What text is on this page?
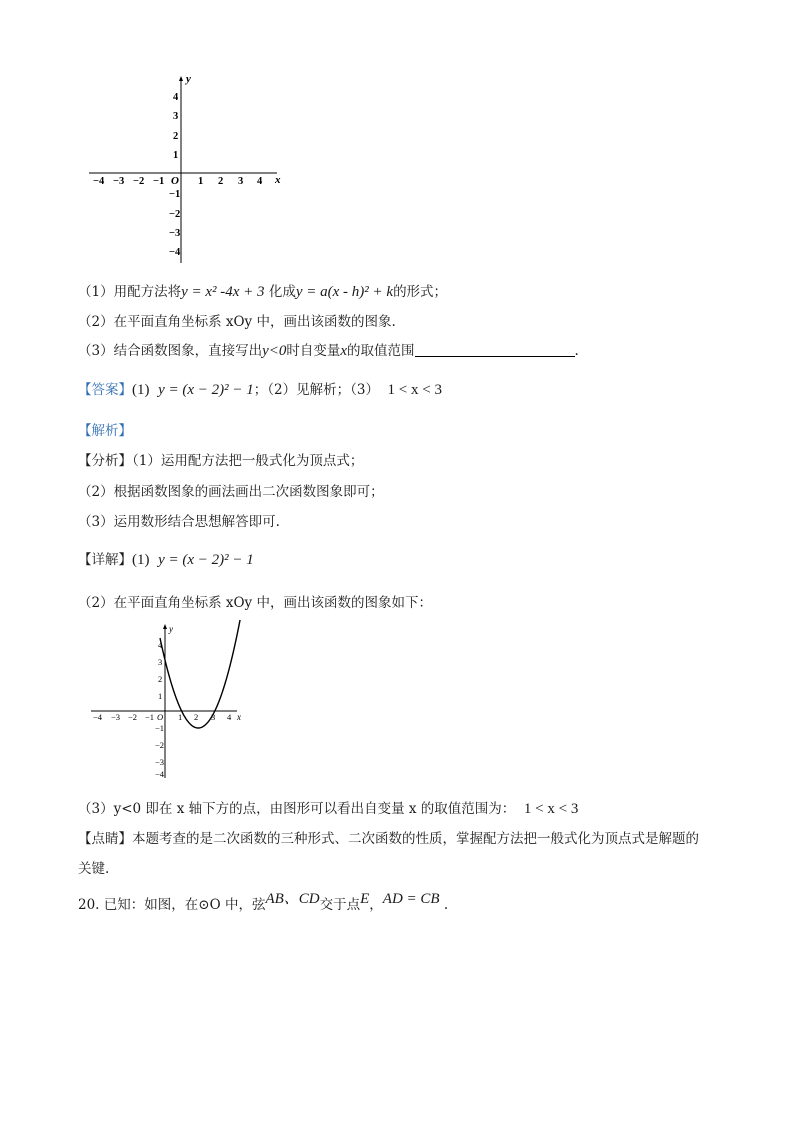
y
x
O
−4 −3 −2 −1	1 2 3 4
4
3
2
1
−1
−2
−3
−4
（1）用配方法将y = x² -4x + 3 化成y = a(x - h)² + k的形式；
（2）在平面直角坐标系 xOy 中，画出该函数的图象.
（3）结合函数图象，直接写出y<0时自变量x的取值范围	.
【答案】(1) y = (x − 2)² − 1；（2）见解析；（3） 1 < x < 3
【解析】
【分析】（1）运用配方法把一般式化为顶点式；
（2）根据函数图象的画法画出二次函数图象即可；
（3）运用数形结合思想解答即可.
【详解】(1) y = (x − 2)² − 1
（2）在平面直角坐标系 xOy 中，画出该函数的图象如下：
y
x
O
−4 −3 −2 −1	1 2 3 4
4
3
2
1
−1
−2
−3
−4
（3）y<0 即在 x 轴下方的点，由图形可以看出自变量 x 的取值范围为： 1 < x < 3
【点睛】本题考查的是二次函数的三种形式、二次函数的性质，掌握配方法把一般式化为顶点式是解题的
关键.
20. 已知：如图，在⊙O 中，弦AB、CD交于点E，AD = CB .
